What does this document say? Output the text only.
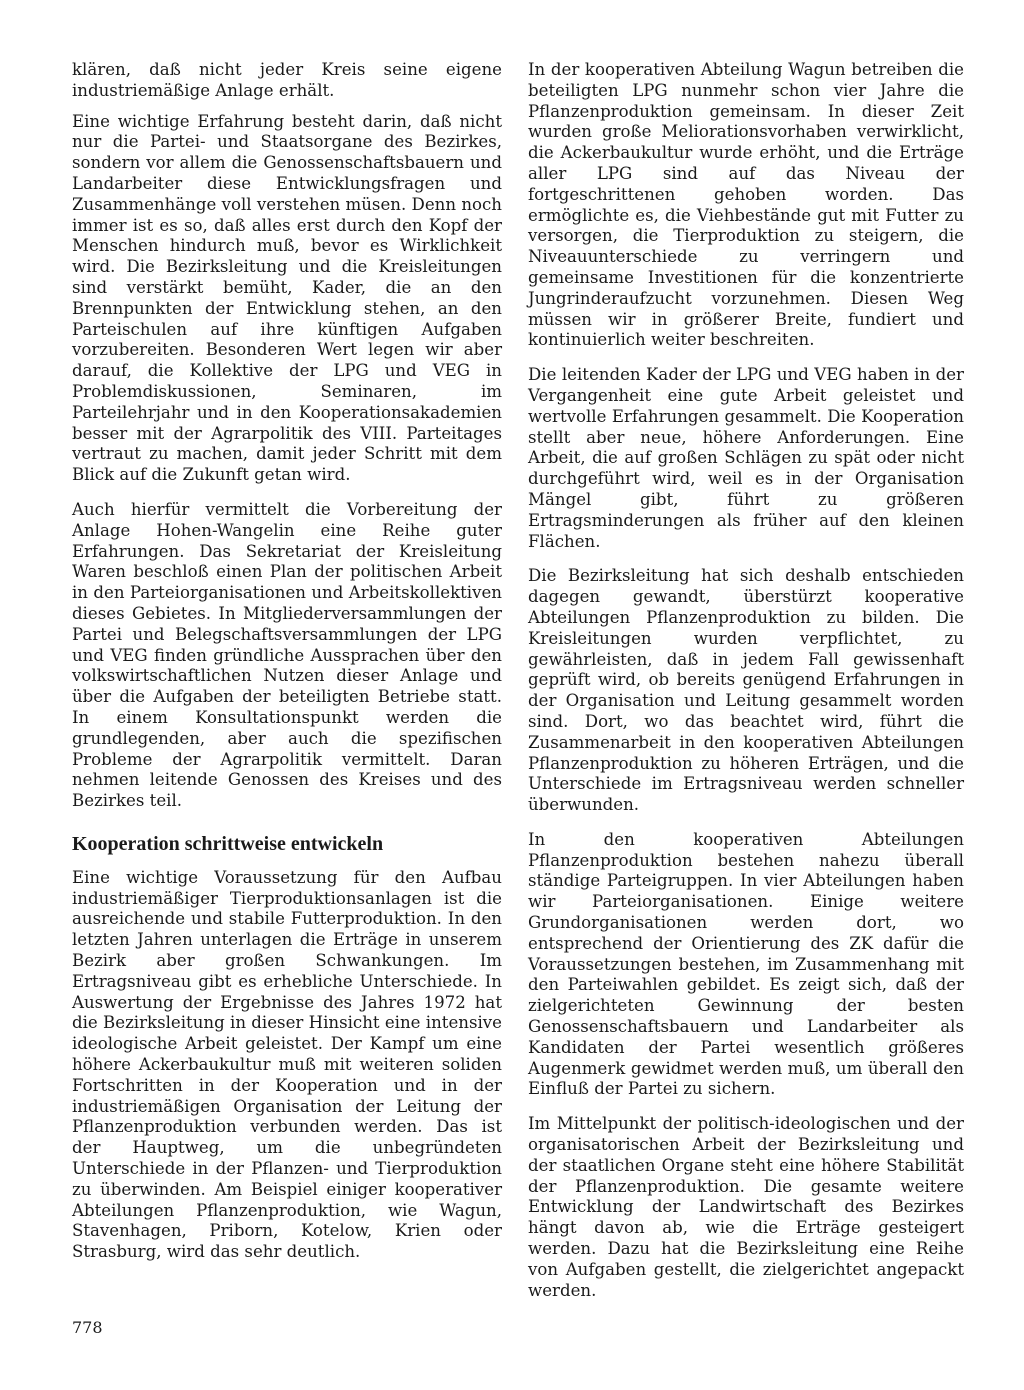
klären, daß nicht jeder Kreis seine eigene industriemäßige Anlage erhält.

Eine wichtige Erfahrung besteht darin, daß nicht nur die Partei- und Staatsorgane des Bezirkes, sondern vor allem die Genossenschaftsbauern und Landarbeiter diese Entwicklungsfragen und Zusammenhänge voll verstehen müsen. Denn noch immer ist es so, daß alles erst durch den Kopf der Menschen hindurch muß, bevor es Wirklichkeit wird. Die Bezirksleitung und die Kreisleitungen sind verstärkt bemüht, Kader, die an den Brennpunkten der Entwicklung stehen, an den Parteischulen auf ihre künftigen Aufgaben vorzubereiten. Besonderen Wert legen wir aber darauf, die Kollektive der LPG und VEG in Problemdiskussionen, Seminaren, im Parteilehrjahr und in den Kooperationsakademien besser mit der Agrarpolitik des VIII. Parteitages vertraut zu machen, damit jeder Schritt mit dem Blick auf die Zukunft getan wird.

Auch hierfür vermittelt die Vorbereitung der Anlage Hohen-Wangelin eine Reihe guter Erfahrungen. Das Sekretariat der Kreisleitung Waren beschloß einen Plan der politischen Arbeit in den Parteiorganisationen und Arbeitskollektiven dieses Gebietes. In Mitgliederversammlungen der Partei und Belegschaftsversammlungen der LPG und VEG finden gründliche Aussprachen über den volkswirtschaftlichen Nutzen dieser Anlage und über die Aufgaben der beteiligten Betriebe statt. In einem Konsultationspunkt werden die grundlegenden, aber auch die spezifischen Probleme der Agrarpolitik vermittelt. Daran nehmen leitende Genossen des Kreises und des Bezirkes teil.

Kooperation schrittweise entwickeln

Eine wichtige Voraussetzung für den Aufbau industriemäßiger Tierproduktionsanlagen ist die ausreichende und stabile Futterproduktion. In den letzten Jahren unterlagen die Erträge in unserem Bezirk aber großen Schwankungen. Im Ertragsniveau gibt es erhebliche Unterschiede. In Auswertung der Ergebnisse des Jahres 1972 hat die Bezirksleitung in dieser Hinsicht eine intensive ideologische Arbeit geleistet. Der Kampf um eine höhere Ackerbaukultur muß mit weiteren soliden Fortschritten in der Kooperation und in der industriemäßigen Organisation der Leitung der Pflanzenproduktion verbunden werden. Das ist der Hauptweg, um die unbegründeten Unterschiede in der Pflanzen- und Tierproduktion zu überwinden. Am Beispiel einiger kooperativer Abteilungen Pflanzenproduktion, wie Wagun, Stavenhagen, Priborn, Kotelow, Krien oder Strasburg, wird das sehr deutlich.

In der kooperativen Abteilung Wagun betreiben die beteiligten LPG nunmehr schon vier Jahre die Pflanzenproduktion gemeinsam. In dieser Zeit wurden große Meliorationsvorhaben verwirklicht, die Ackerbaukultur wurde erhöht, und die Erträge aller LPG sind auf das Niveau der fortgeschrittenen gehoben worden. Das ermöglichte es, die Viehbestände gut mit Futter zu versorgen, die Tierproduktion zu steigern, die Niveauunterschiede zu verringern und gemeinsame Investitionen für die konzentrierte Jungrinderaufzucht vorzunehmen. Diesen Weg müssen wir in größerer Breite, fundiert und kontinuierlich weiter beschreiten.

Die leitenden Kader der LPG und VEG haben in der Vergangenheit eine gute Arbeit geleistet und wertvolle Erfahrungen gesammelt. Die Kooperation stellt aber neue, höhere Anforderungen. Eine Arbeit, die auf großen Schlägen zu spät oder nicht durchgeführt wird, weil es in der Organisation Mängel gibt, führt zu größeren Ertragsminderungen als früher auf den kleinen Flächen.

Die Bezirksleitung hat sich deshalb entschieden dagegen gewandt, überstürzt kooperative Abteilungen Pflanzenproduktion zu bilden. Die Kreisleitungen wurden verpflichtet, zu gewährleisten, daß in jedem Fall gewissenhaft geprüft wird, ob bereits genügend Erfahrungen in der Organisation und Leitung gesammelt worden sind. Dort, wo das beachtet wird, führt die Zusammenarbeit in den kooperativen Abteilungen Pflanzenproduktion zu höheren Erträgen, und die Unterschiede im Ertragsniveau werden schneller überwunden.

In den kooperativen Abteilungen Pflanzenproduktion bestehen nahezu überall ständige Parteigruppen. In vier Abteilungen haben wir Parteiorganisationen. Einige weitere Grundorganisationen werden dort, wo entsprechend der Orientierung des ZK dafür die Voraussetzungen bestehen, im Zusammenhang mit den Parteiwahlen gebildet. Es zeigt sich, daß der zielgerichteten Gewinnung der besten Genossenschaftsbauern und Landarbeiter als Kandidaten der Partei wesentlich größeres Augenmerk gewidmet werden muß, um überall den Einfluß der Partei zu sichern.

Im Mittelpunkt der politisch-ideologischen und der organisatorischen Arbeit der Bezirksleitung und der staatlichen Organe steht eine höhere Stabilität der Pflanzenproduktion. Die gesamte weitere Entwicklung der Landwirtschaft des Bezirkes hängt davon ab, wie die Erträge gesteigert werden. Dazu hat die Bezirksleitung eine Reihe von Aufgaben gestellt, die zielgerichtet angepackt werden.

778
